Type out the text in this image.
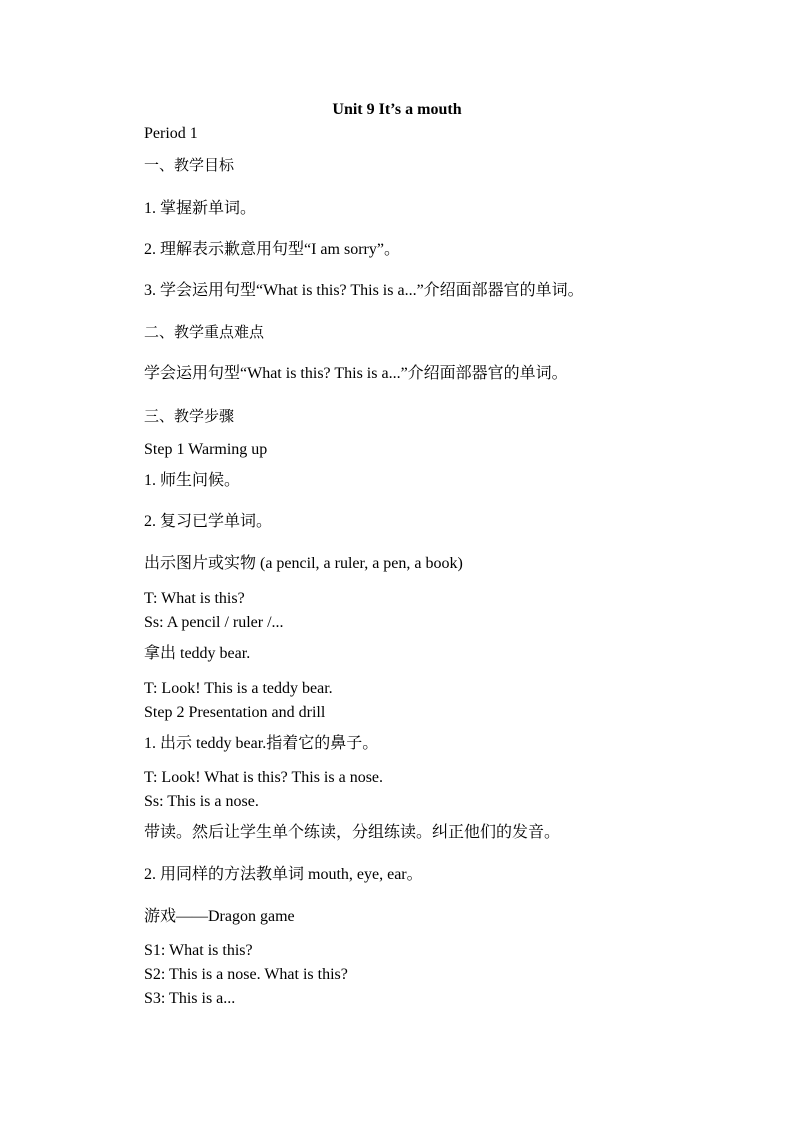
Unit 9 It’s a mouth
Period 1
一、教学目标
1. 掌握新单词。
2. 理解表示歉意用句型“I am sorry”。
3. 学会运用句型“What is this? This is a...”介绍面部器官的单词。
二、教学重点难点
学会运用句型“What is this? This is a...”介绍面部器官的单词。
三、教学步骤
Step 1 Warming up
1. 师生问候。
2. 复习已学单词。
出示图片或实物 (a pencil, a ruler, a pen, a book)
T: What is this?
Ss: A pencil / ruler /...
拿出 teddy bear.
T: Look! This is a teddy bear.
Step 2 Presentation and drill
1. 出示 teddy bear.指着它的鼻子。
T: Look! What is this? This is a nose.
Ss: This is a nose.
带读。然后让学生单个练读，分组练读。纠正他们的发音。
2. 用同样的方法教单词 mouth, eye, ear。
游戏——Dragon game
S1: What is this?
S2: This is a nose. What is this?
S3: This is a...
